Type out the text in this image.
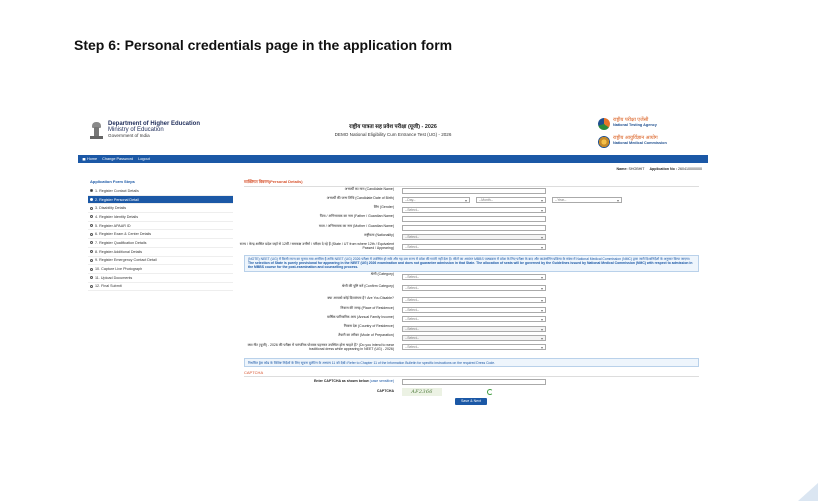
Step 6: Personal credentials page in the application form
Department of Higher Education
Ministry of Education
Government of India
राष्ट्रीय पात्रता सह प्रवेश परीक्षा (यूजी) - 2026
DEMO National Eligibility Cum Entrance Test (UG) - 2026
राष्ट्रीय परीक्षा एजेंसी
National Testing Agency
राष्ट्रीय आयुर्विज्ञान आयोग
National Medical Commission
Home Change Password Logout
Name: SHOBHIT Application No : 260410000000
Application Form Steps
1. Register Contact Details
2. Register Personal Detail
3. Disability Details
4. Register Identity Details
5. Register APAAR ID
6. Register Exam & Center Details
7. Register Qualification Details
8. Register Additional Details
9. Register Emergency Contact Detail
10. Capture Live Photograph
11. Upload Documents
12. Final Submit
व्यक्तिगत विवरण(Personal Details)
अभ्यर्थी का नाम (Candidate Name)
अभ्यर्थी की जन्म तिथि (Candidate Date of Birth)
--Day-- ▾	--Month-- ▾	--Year-- ▾
लिंग (Gender)
--Select-- ▾
पिता / अभिभावक का नाम (Father / Guardian Name)
माता / अभिभावक का नाम (Mother / Guardian Name)
राष्ट्रीयता (Nationality)
--Select-- ▾
राज्य / केन्द्र शासित प्रदेश जहाँ से 12वीं / समकक्ष उत्तीर्ण / परीक्षा दे रहे हैं (State / UT from where 12th / Equivalent Passed / Appearing)	--Select-- ▾
(NOTE) NEET (UG) में किसी राज्य का चुनाव मात्र अनंतिम है ताकि NEET (UG) 2026 परीक्षा में उपस्थित हो सकें और यह उस राज्य में प्रवेश की गारंटी नहीं देता है। सीटों का आवंटन MBBS पाठ्यक्रम में प्रवेश के लिए परीक्षा के बाद और काउंसलिंग प्रक्रिया के संबंध में National Medical Commission (NMC) द्वारा जारी दिशानिर्देशों के अनुसार किया जाएगा।
The selection of State is purely provisional for appearing in the NEET (UG) 2026 examination and does not guarantee admission in that State. The allocation of seats will be governed by the Guidelines issued by National Medical Commission (NMC) with respect to admission in the MBBS course for the post-examination and counselling process.
श्रेणी (Category)
--Select-- ▾
श्रेणी की पुष्टि करें (Confirm Category)	--Select-- ▾
क्या आपको कोई दिव्यांगता है? Are You Disable?	--Select-- ▾
निवास की जगह (Place of Residence)
--Select-- ▾
वार्षिक पारिवारिक आय (Annual Family Income)
--Select-- ▾
निवास देश (Country of Residence)
--Select-- ▾
तैयारी का तरीका (Mode of Preparation)
--Select-- ▾
क्या नीट (यूजी) - 2026 की परीक्षा में पारंपरिक पोशाक पहनकर उपस्थित होना चाहते हैं? (Do you intend to wear traditional dress while appearing in NEET (UG) - 2026)	--Select-- ▾
निर्धारित ड्रेस कोड के विशिष्ट निर्देशों के लिए सूचना बुलेटिन के अध्याय 11 को देखें। Refer to Chapter 11 of the Information Bulletin for specific instructions on the required Dress Code.
CAPTCHA
Enter CAPTCHA as shown below (case sensitive)
CAPTCHA	AF2366
Save & Next
